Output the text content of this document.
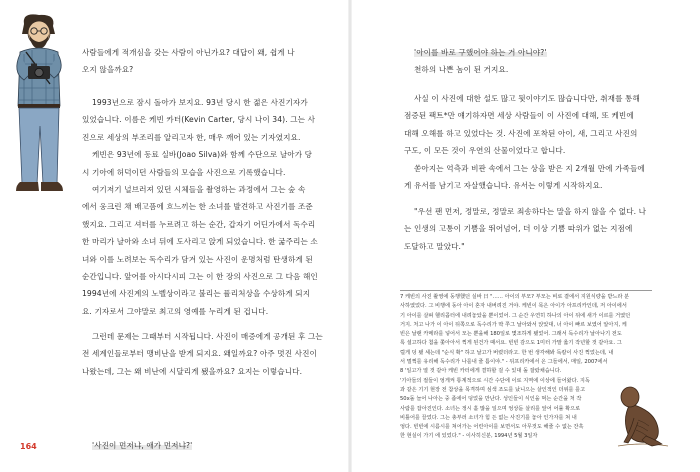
사람들에게 적개심을 갖는 사람이 아닌가요? 대답이 왜, 쉽게 나
오지 않을까요?

1993년으로 잠시 돌아가 보지요. 93년 당시 한 젊은 사진기자가
있었습니다. 이름은 케빈 카터(Kevin Carter, 당시 나이 34). 그는 사
진으로 세상의 부조리를 알리고자 한, 매우 깨어 있는 기자였지요.
케빈은 93년에 동료 실바(Joao Silva)와 함께 수단으로 날아가 당
시 기아에 허덕이던 사람들의 모습을 사진으로 기록했습니다.

여기저기 널브러져 있던 시체들을 촬영하는 과정에서 그는 숲 속
에서 웅크린 채 배고픔에 흐느끼는 한 소녀를 발견하고 사진기를 조준
했지요. 그리고 셔터를 누르려고 하는 순간, 갑자기 어딘가에서 독수리
한 마리가 날아와 소녀 뒤에 도사리고 앉게 되었습니다. 한 굶주리는 소
녀와 이를 노려보는 독수리가 담겨 있는 사진이 운명처럼 탄생하게 된
순간입니다. 앞어를 아시다시피 그는 이 한 장의 사진으로 그 다음 해인
1994년에 사진계의 노벨상이라고 불리는 퓰리처상을 수상하게 되지
요. 기자로서 그야말로 최고의 영예를 누리게 된 겁니다.

그런데 문제는 그때부터 시작됩니다. 사진이 매증에게 공개된 후 그는
전 세계인들로부터 맹비난을 받게 되지요. 왜일까요? 아주 멋진 사진이
나왔는데, 그는 왜 비난에 시달리게 됐을까요? 요지는 이렇습니다.

'사진이 먼저냐, 애가 먼저냐?'

164

'아이를 바로 구했어야 하는 거 아니야?'
천하의 나쁜 놈이 된 거지요.

사실 이 사진에 대한 설도 많고 뒷이야기도 많습니다만, 취재를 통해
점증된 팩트*만 얘기하자면 세상 사람들이 이 사진에 대해, 또 케빈에
대해 오해를 하고 있었다는 것. 사진에 포착된 아이, 새, 그리고 사진의
구도, 이 모든 것이 우연의 산물이었다고 합니다.

쏟아지는 억측과 비판 속에서 그는 상을 받은 지 2개월 만에 가족들에
게 유서를 남기고 자살했습니다. 유서는 이렇게 시작하지요.

"우선 팬 먼저, 정말로, 정말로 죄송하다는 말을 하지 않을 수 없다. 나
는 인생의 고통이 기쁨을 뛰어넘어, 더 이상 기쁨 따위가 없는 지점에
도달하고 말았다."

7 케빈의 사진 촬영에 동행했던 실바 曰 "…… 아이의 부모? 부모는 비로 곁에서 지원식량을 받느라 분
사하였었다. 그 비행에 동아 아이 혼자 내버려진 거야. 케빈이 목은 아이가 아프리카인데, 저 아이에서
기 아이를 살펴 헬리콥터에 내려놓았을 뿐이었어. 그 순간 우연히 하나의 아이 뒤에 새가 이르를 거였던
거지. 처고 나가 이 아이 뒤쪽으로 독수리가 딱 쭈그 날아와서 앉았대, 너 아이 빠르 보였어 알아지, 케
빈은 날랜 카메라를 넣어서 모는 뿐을해 180일로 몇조하게 됐었어. 그래서 독수리가 날아나기 전도
록 셜고하다 쳠을 쫓아아서 찍게 된건가 때서요. 빈빈 감으도 1미터 가말 옳기 작년할 것 같아요. 그
럴게 덩 됐 셰는데 "순식 확" 하고 날고가 버렸더라고. 한 번 생각해봐 독칼이 사진 찍었는데, 내
서 멀쩍를 유리해 독수리가 나를내 줄 틈이야." - 뒤프리카에서 온 그들에서, 매일, 2007에서
8 '일고가 열 것 같아 케빈 카터에게 결하할 걸 수 있대 돌 잘랐채습니다.
'기아들의 절들이 엉게켜 통계적으로 시간 수단에 이로 지역에 이상에 들어왔다. 지독
과 같은 기기 현장 전 참상을 목격하며 심색 조도를 났니으는 살인적인 더위를 를고
50x돌 늘어 나아는 중 좁에어 덩었을 만난다. 성인들이 식인을 먹는 순간을 처 작
사람를 잡아진인다. 소녀는 정시 홀 많을 일으며 엉상돋 살리를 앞어 어률 확으로
비틀어를 끌었다. 그는 총부러 소녀가 힘 든 없는 사진기를 놓아 인가자를 쳐 내
엉다. 빈빈에 시름시를 쳐어가는 어린아이를 보면서도 아무것도 해줄 수 없는 잔혹
한 현실이 가기 에 있었다." - 이사히신분, 1994년 5월 3일자
